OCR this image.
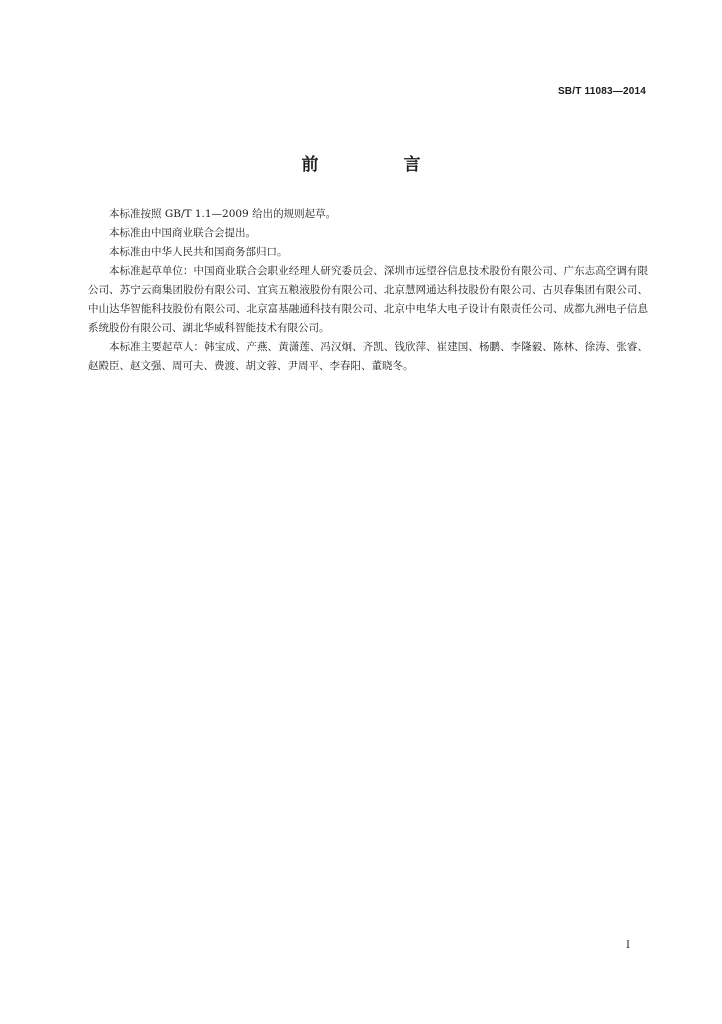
SB/T 11083—2014
前　言

本标准按照 GB/T 1.1—2009 给出的规则起草。

本标准由中国商业联合会提出。

本标准由中华人民共和国商务部归口。

本标准起草单位：中国商业联合会职业经理人研究委员会、深圳市远望谷信息技术股份有限公司、广东志高空调有限公司、苏宁云商集团股份有限公司、宜宾五粮液股份有限公司、北京慧网通达科技股份有限公司、古贝春集团有限公司、中山达华智能科技股份有限公司、北京富基融通科技有限公司、北京中电华大电子设计有限责任公司、成都九洲电子信息系统股份有限公司、湖北华威科智能技术有限公司。

本标准主要起草人：韩宝成、产燕、黄潇莲、冯汉炯、齐凯、钱欣萍、崔建国、杨鹏、李隆毅、陈林、徐涛、张睿、赵殿臣、赵文强、周可夫、费渡、胡文蓉、尹周平、李春阳、董晓冬。

I
